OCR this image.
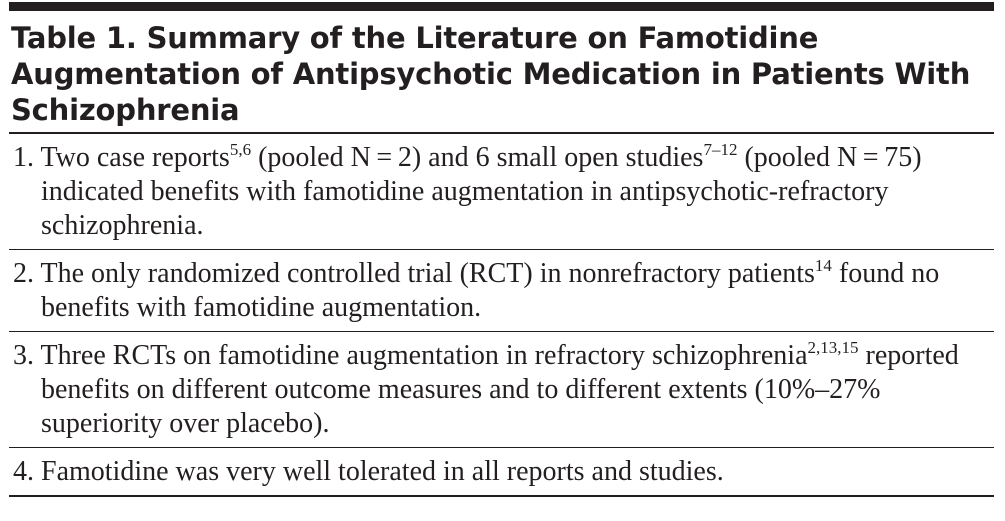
Table 1. Summary of the Literature on Famotidine Augmentation of Antipsychotic Medication in Patients With Schizophrenia
1. Two case reports$^{5,6}$ (pooled N = 2) and 6 small open studies$^{7-12}$ (pooled N = 75) indicated benefits with famotidine augmentation in antipsychotic-refractory schizophrenia.
2. The only randomized controlled trial (RCT) in nonrefractory patients$^{14}$ found no benefits with famotidine augmentation.
3. Three RCTs on famotidine augmentation in refractory schizophrenia$^{2,13,15}$ reported benefits on different outcome measures and to different extents (10%–27% superiority over placebo).
4. Famotidine was very well tolerated in all reports and studies.
